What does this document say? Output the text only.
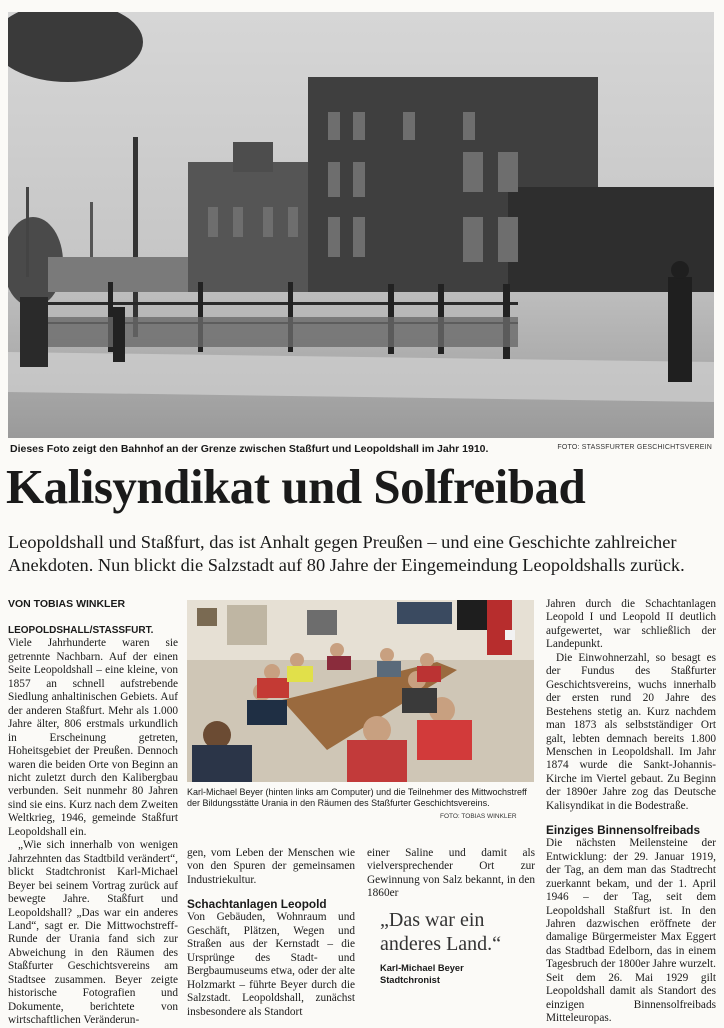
Dieses Foto zeigt den Bahnhof an der Grenze zwischen Staßfurt und Leopoldshall im Jahr 1910.	FOTO: STASSFURTER GESCHICHTSVEREIN
Kalisyndikat und Solfreibad
Leopoldshall und Staßfurt, das ist Anhalt gegen Preußen – und eine Geschichte zahlreicher Anekdoten. Nun blickt die Salzstadt auf 80 Jahre der Eingemeindung Leopoldshalls zurück.
VON TOBIAS WINKLER

LEOPOLDSHALL/STASSFURT. Viele Jahrhunderte waren sie getrennte Nachbarn. Auf der einen Seite Leopoldshall – eine kleine, von 1857 an schnell aufstrebende Siedlung anhaltinischen Gebiets. Auf der anderen Staßfurt. Mehr als 1.000 Jahre älter, 806 erstmals urkundlich in Erscheinung getreten, Hoheitsgebiet der Preußen. Dennoch waren die beiden Orte von Beginn an nicht zuletzt durch den Kalibergbau verbunden. Seit nunmehr 80 Jahren sind sie eins. Kurz nach dem Zweiten Weltkrieg, 1946, gemeinde Staßfurt Leopoldshall ein.

„Wie sich innerhalb von wenigen Jahrzehnten das Stadtbild verändert“, blickt Stadtchronist Karl-Michael Beyer bei seinem Vortrag zurück auf bewegte Jahre. Staßfurt und Leopoldshall? „Das war ein anderes Land“, sagt er. Die Mittwochstreff-Runde der Urania fand sich zur Abweichung in den Räumen des Staßfurter Geschichtsvereins am Stadtsee zusammen. Beyer zeigte historische Fotografien und Dokumente, berichtete von wirtschaftlichen Veränderun-

Karl-Michael Beyer (hinten links am Computer) und die Teilnehmer des Mittwochstreff der Bildungsstätte Urania in den Räumen des Staßfurter Geschichtsvereins.
FOTO: TOBIAS WINKLER

gen, vom Leben der Menschen wie von den Spuren der gemeinsamen Industriekultur.

Schachtanlagen Leopold

Von Gebäuden, Wohnraum und Geschäft, Plätzen, Wegen und Straßen aus der Kernstadt – die Ursprünge des Stadt- und Bergbaumuseums etwa, oder der alte Holzmarkt – führte Beyer durch die Salzstadt. Leopoldshall, zunächst insbesondere als Standort

einer Saline und damit als vielversprechender Ort zur Gewinnung von Salz bekannt, in den 1860er

„Das war ein anderes Land.“
Karl-Michael Beyer
Stadtchronist

Jahren durch die Schachtanlagen Leopold I und Leopold II deutlich aufgewertet, war schließlich der Landepunkt.

Die Einwohnerzahl, so besagt es der Fundus des Staßfurter Geschichtsvereins, wuchs innerhalb der ersten rund 20 Jahre des Bestehens stetig an. Kurz nachdem man 1873 als selbstständiger Ort galt, lebten demnach bereits 1.800 Menschen in Leopoldshall. Im Jahr 1874 wurde die Sankt-Johannis-Kirche im Viertel gebaut. Zu Beginn der 1890er Jahre zog das Deutsche Kalisyndikat in die Bodestraße.

Einziges Binnensolfreibads

Die nächsten Meilensteine der Entwicklung: der 29. Januar 1919, der Tag, an dem man das Stadtrecht zuerkannt bekam, und der 1. April 1946 – der Tag, seit dem Leopoldshall Staßfurt ist. In den Jahren dazwischen eröffnete der damalige Bürgermeister Max Eggert das Stadtbad Edelborn, das in einem Tagesbruch der 1800er Jahre wurzelt. Seit dem 26. Mai 1929 gilt Leopoldshall damit als Standort des einzigen Binnensolfreibads Mitteleuropas.
